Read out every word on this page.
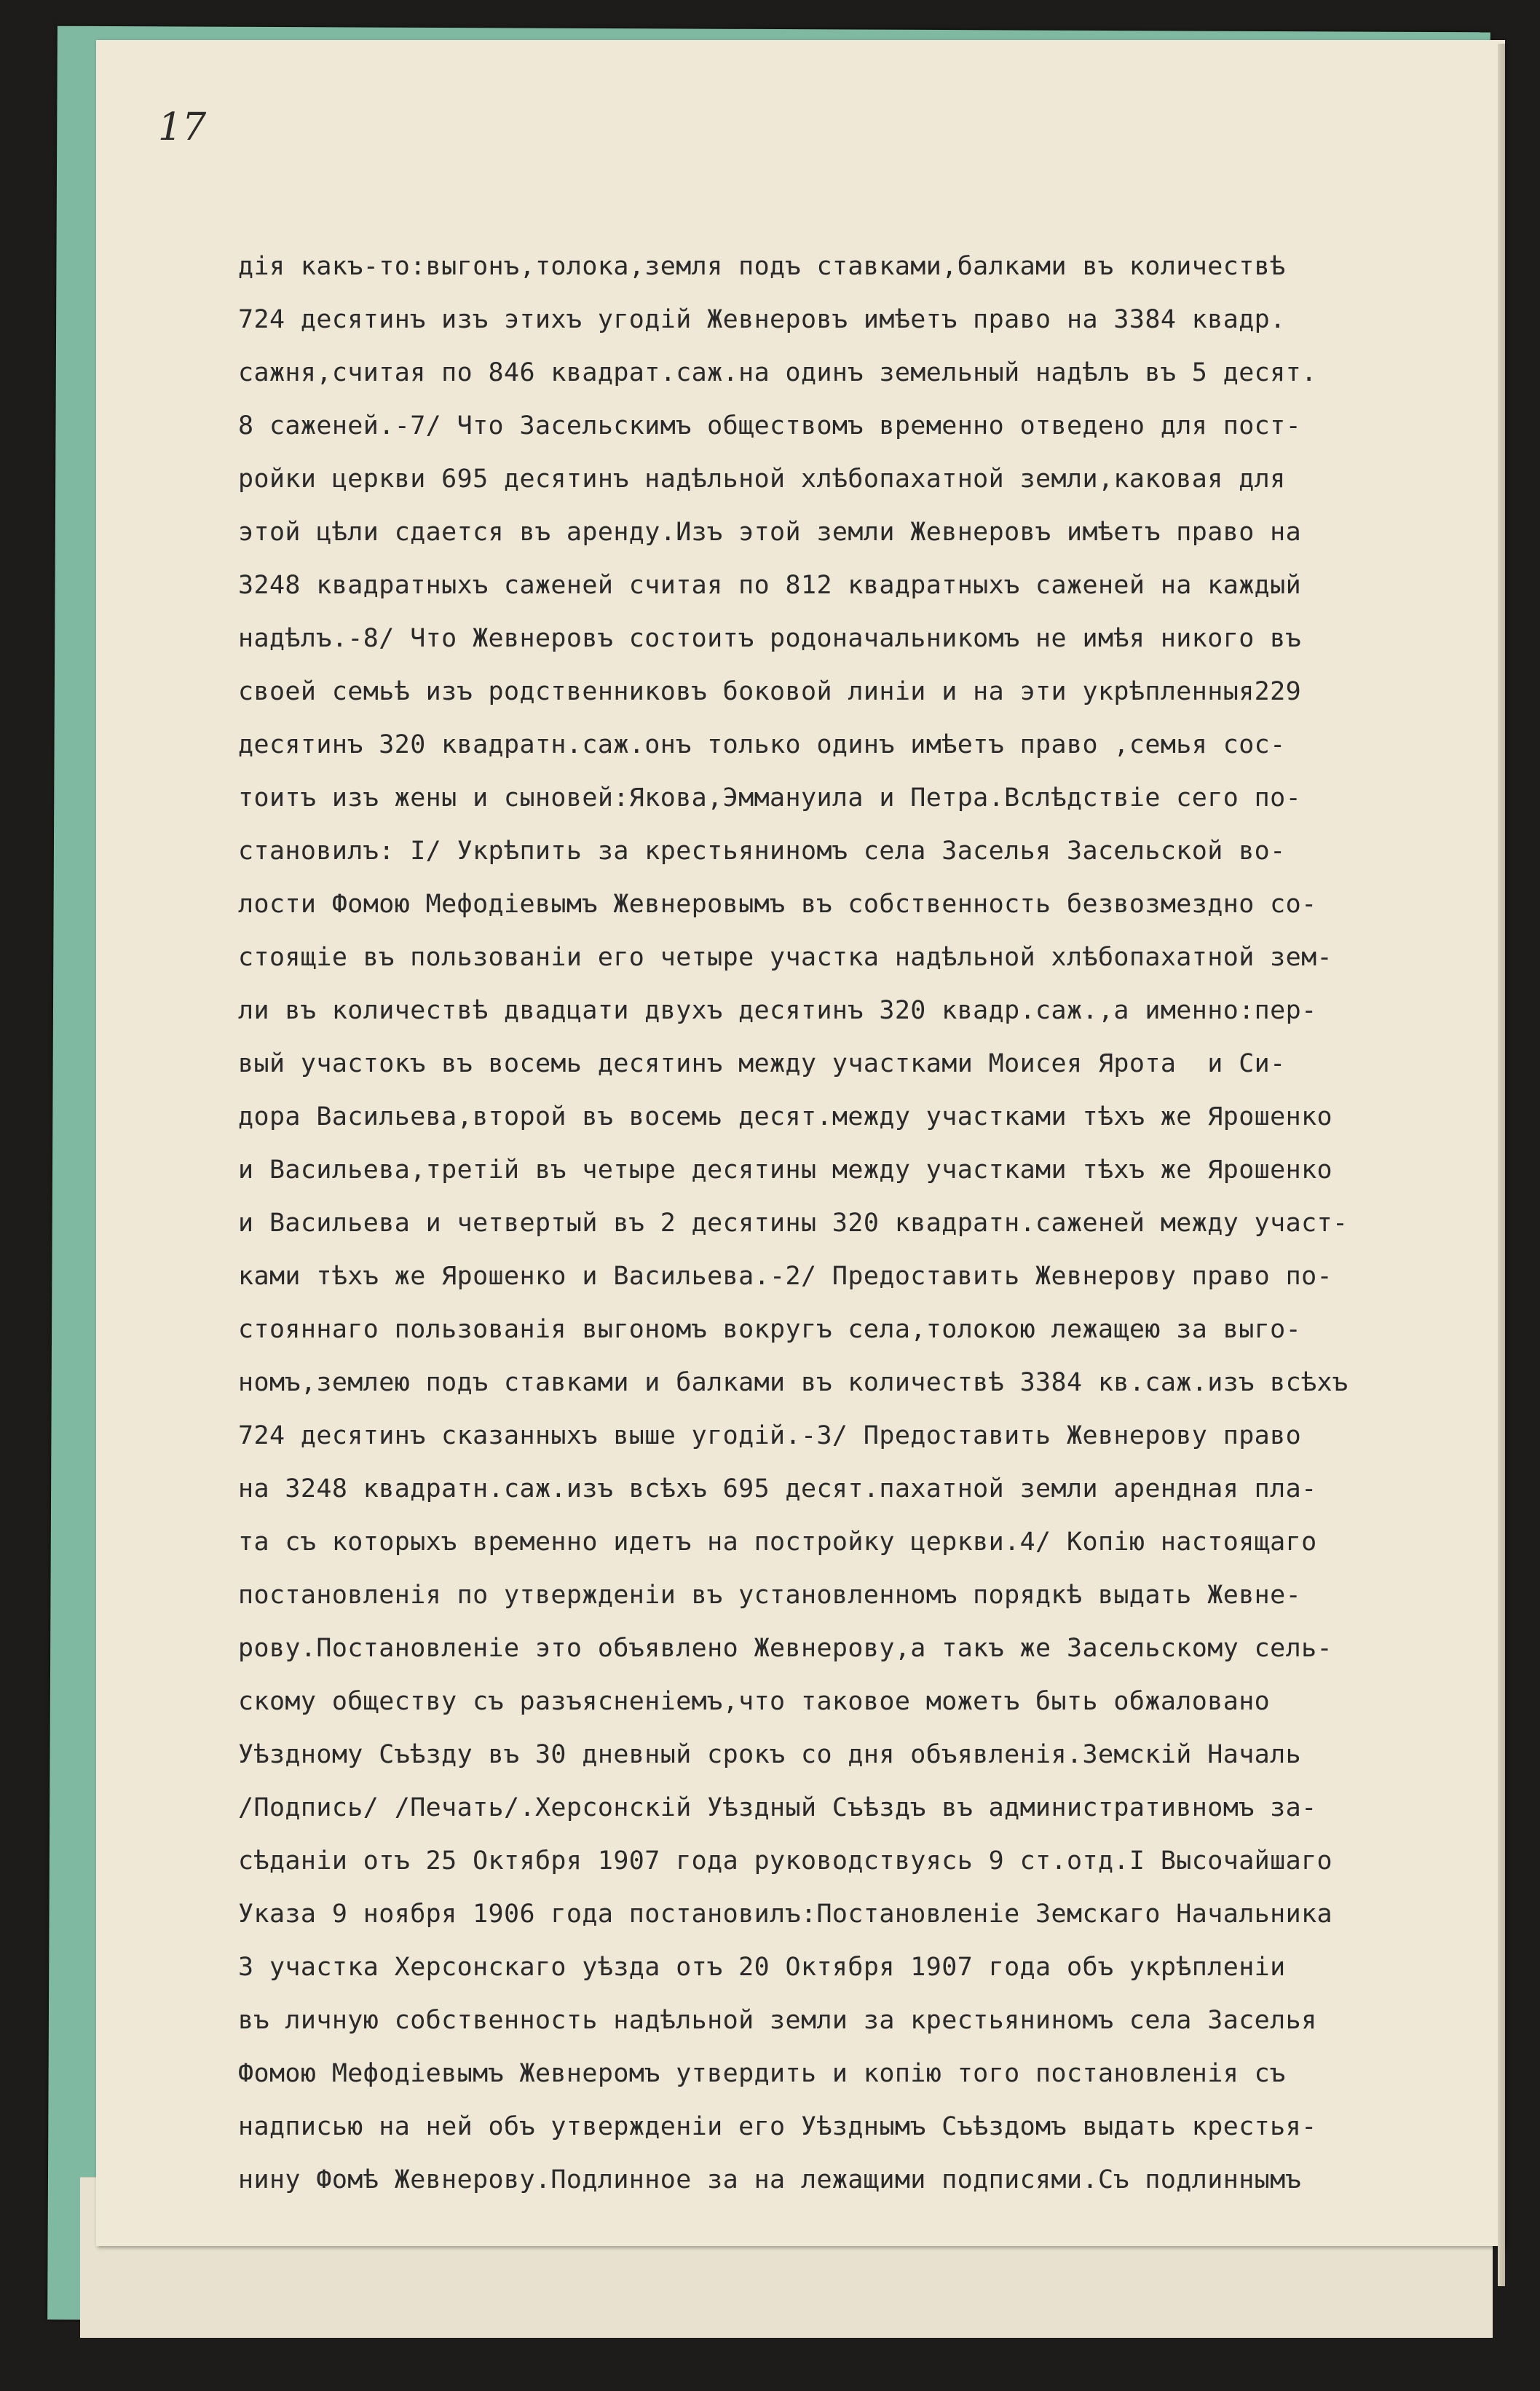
17
дія какъ-то:выгонъ,толока,земля подъ ставками,балками въ количествѣ
724 десятинъ изъ этихъ угодій Жевнеровъ имѣетъ право на 3384 квадр.
сажня,считая по 846 квадрат.саж.на одинъ земельный надѣлъ въ 5 десят.
8 саженей.-7/ Что Засельскимъ обществомъ временно отведено для пост-
ройки церкви 695 десятинъ надѣльной хлѣбопахатной земли,каковая для
этой цѣли сдается въ аренду.Изъ этой земли Жевнеровъ имѣетъ право на
3248 квадратныхъ саженей считая по 812 квадратныхъ саженей на каждый
надѣлъ.-8/ Что Жевнеровъ состоитъ родоначальникомъ не имѣя никого въ
своей семьѣ изъ родственниковъ боковой линіи и на эти укрѣпленныя229
десятинъ 320 квадратн.саж.онъ только одинъ имѣетъ право ,семья сос-
тоитъ изъ жены и сыновей:Якова,Эммануила и Петра.Вслѣдствіе сего по-
становилъ: I/ Укрѣпить за крестьяниномъ села Заселья Засельской во-
лости Фомою Мефодіевымъ Жевнеровымъ въ собственность безвозмездно со-
стоящіе въ пользованіи его четыре участка надѣльной хлѣбопахатной зем-
ли въ количествѣ двадцати двухъ десятинъ 320 квадр.саж.,а именно:пер-
вый участокъ въ восемь десятинъ между участками Моисея Ярота  и Си-
дора Васильева,второй въ восемь десят.между участками тѣхъ же Ярошенко
и Васильева,третій въ четыре десятины между участками тѣхъ же Ярошенко
и Васильева и четвертый въ 2 десятины 320 квадратн.саженей между участ-
ками тѣхъ же Ярошенко и Васильева.-2/ Предоставить Жевнерову право по-
стояннаго пользованія выгономъ вокругъ села,толокою лежащею за выго-
номъ,землею подъ ставками и балками въ количествѣ 3384 кв.саж.изъ всѣхъ
724 десятинъ сказанныхъ выше угодій.-3/ Предоставить Жевнерову право
на 3248 квадратн.саж.изъ всѣхъ 695 десят.пахатной земли арендная пла-
та съ которыхъ временно идетъ на постройку церкви.4/ Копію настоящаго
постановленія по утвержденіи въ установленномъ порядкѣ выдать Жевне-
рову.Постановленіе это объявлено Жевнерову,а такъ же Засельскому сель-
скому обществу съ разъясненіемъ,что таковое можетъ быть обжаловано
Уѣздному Съѣзду въ 30 дневный срокъ со дня объявленія.Земскій Началь
/Подпись/ /Печать/.Херсонскій Уѣздный Съѣздъ въ административномъ за-
сѣданіи отъ 25 Октября 1907 года руководствуясь 9 ст.отд.I Высочайшаго
Указа 9 ноября 1906 года постановилъ:Постановленіе Земскаго Начальника
3 участка Херсонскаго уѣзда отъ 20 Октября 1907 года объ укрѣпленіи
въ личную собственность надѣльной земли за крестьяниномъ села Заселья
Фомою Мефодіевымъ Жевнеромъ утвердить и копію того постановленія съ
надписью на ней объ утвержденіи его Уѣзднымъ Съѣздомъ выдать крестья-
нину Фомѣ Жевнерову.Подлинное за на лежащими подписями.Съ подлиннымъ
